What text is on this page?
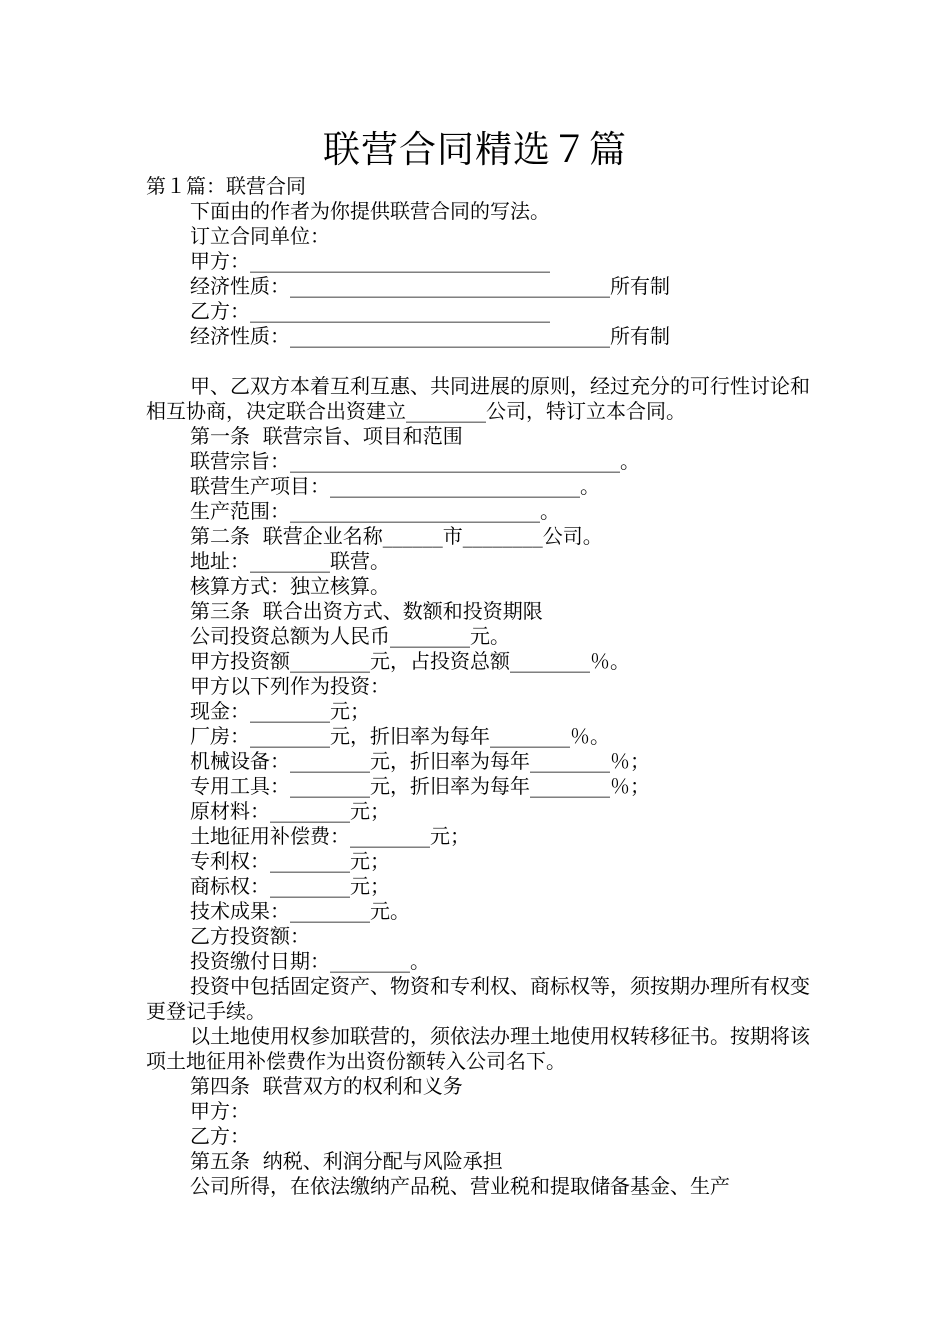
联营合同精选７篇
第１篇：联营合同
下面由的作者为你提供联营合同的写法。
订立合同单位：
甲方：______________________________
经济性质：________________________________所有制
乙方：______________________________
经济性质：________________________________所有制
甲、乙双方本着互利互惠、共同进展的原则，经过充分的可行性讨论和相互协商，决定联合出资建立________公司，特订立本合同。
第一条  联营宗旨、项目和范围
联营宗旨：_________________________________。
联营生产项目：_________________________。
生产范围：_________________________。
第二条  联营企业名称______市________公司。
地址：________联营。
核算方式：独立核算。
第三条  联合出资方式、数额和投资期限
公司投资总额为人民币________元。
甲方投资额________元，占投资总额________％。
甲方以下列作为投资：
现金：________元；
厂房：________元，折旧率为每年________％。
机械设备：________元，折旧率为每年________％；
专用工具：________元，折旧率为每年________％；
原材料：________元；
土地征用补偿费：________元；
专利权：________元；
商标权：________元；
技术成果：________元。
乙方投资额：
投资缴付日期：________。
投资中包括固定资产、物资和专利权、商标权等，须按期办理所有权变更登记手续。
以土地使用权参加联营的，须依法办理土地使用权转移征书。按期将该项土地征用补偿费作为出资份额转入公司名下。
第四条  联营双方的权利和义务
甲方：
乙方：
第五条  纳税、利润分配与风险承担
公司所得，在依法缴纳产品税、营业税和提取储备基金、生产
